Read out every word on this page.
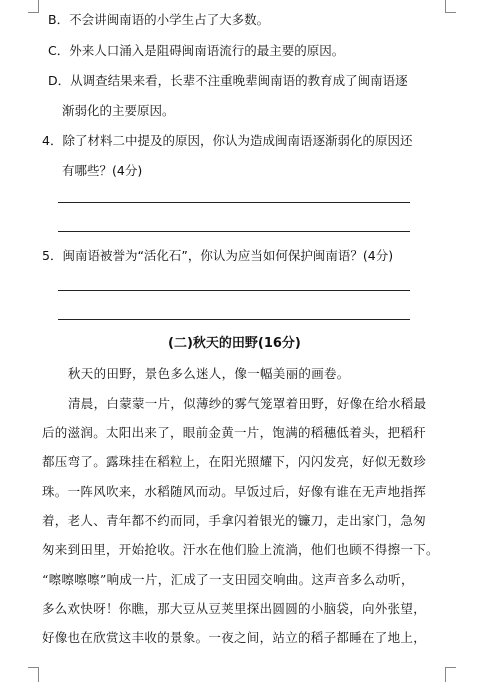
B．不会讲闽南语的小学生占了大多数。
C．外来人口涌入是阻碍闽南语流行的最主要的原因。
D．从调查结果来看，长辈不注重晚辈闽南语的教育成了闽南语逐
渐弱化的主要原因。
4．除了材料二中提及的原因，你认为造成闽南语逐渐弱化的原因还
有哪些？(4分)
5．闽南语被誉为“活化石”，你认为应当如何保护闽南语？(4分)
(二)秋天的田野(16分)
秋天的田野，景色多么迷人，像一幅美丽的画卷。
清晨，白蒙蒙一片，似薄纱的雾气笼罩着田野，好像在给水稻最
后的滋润。太阳出来了，眼前金黄一片，饱满的稻穗低着头，把稻秆
都压弯了。露珠挂在稻粒上，在阳光照耀下，闪闪发亮，好似无数珍
珠。一阵风吹来，水稻随风而动。早饭过后，好像有谁在无声地指挥
着，老人、青年都不约而同，手拿闪着银光的镰刀，走出家门，急匆
匆来到田里，开始抢收。汗水在他们脸上流淌，他们也顾不得擦一下。
“嚓嚓嚓嚓”响成一片，汇成了一支田园交响曲。这声音多么动听，
多么欢快呀！你瞧，那大豆从豆荚里探出圆圆的小脑袋，向外张望，
好像也在欣赏这丰收的景象。一夜之间，站立的稻子都睡在了地上，
